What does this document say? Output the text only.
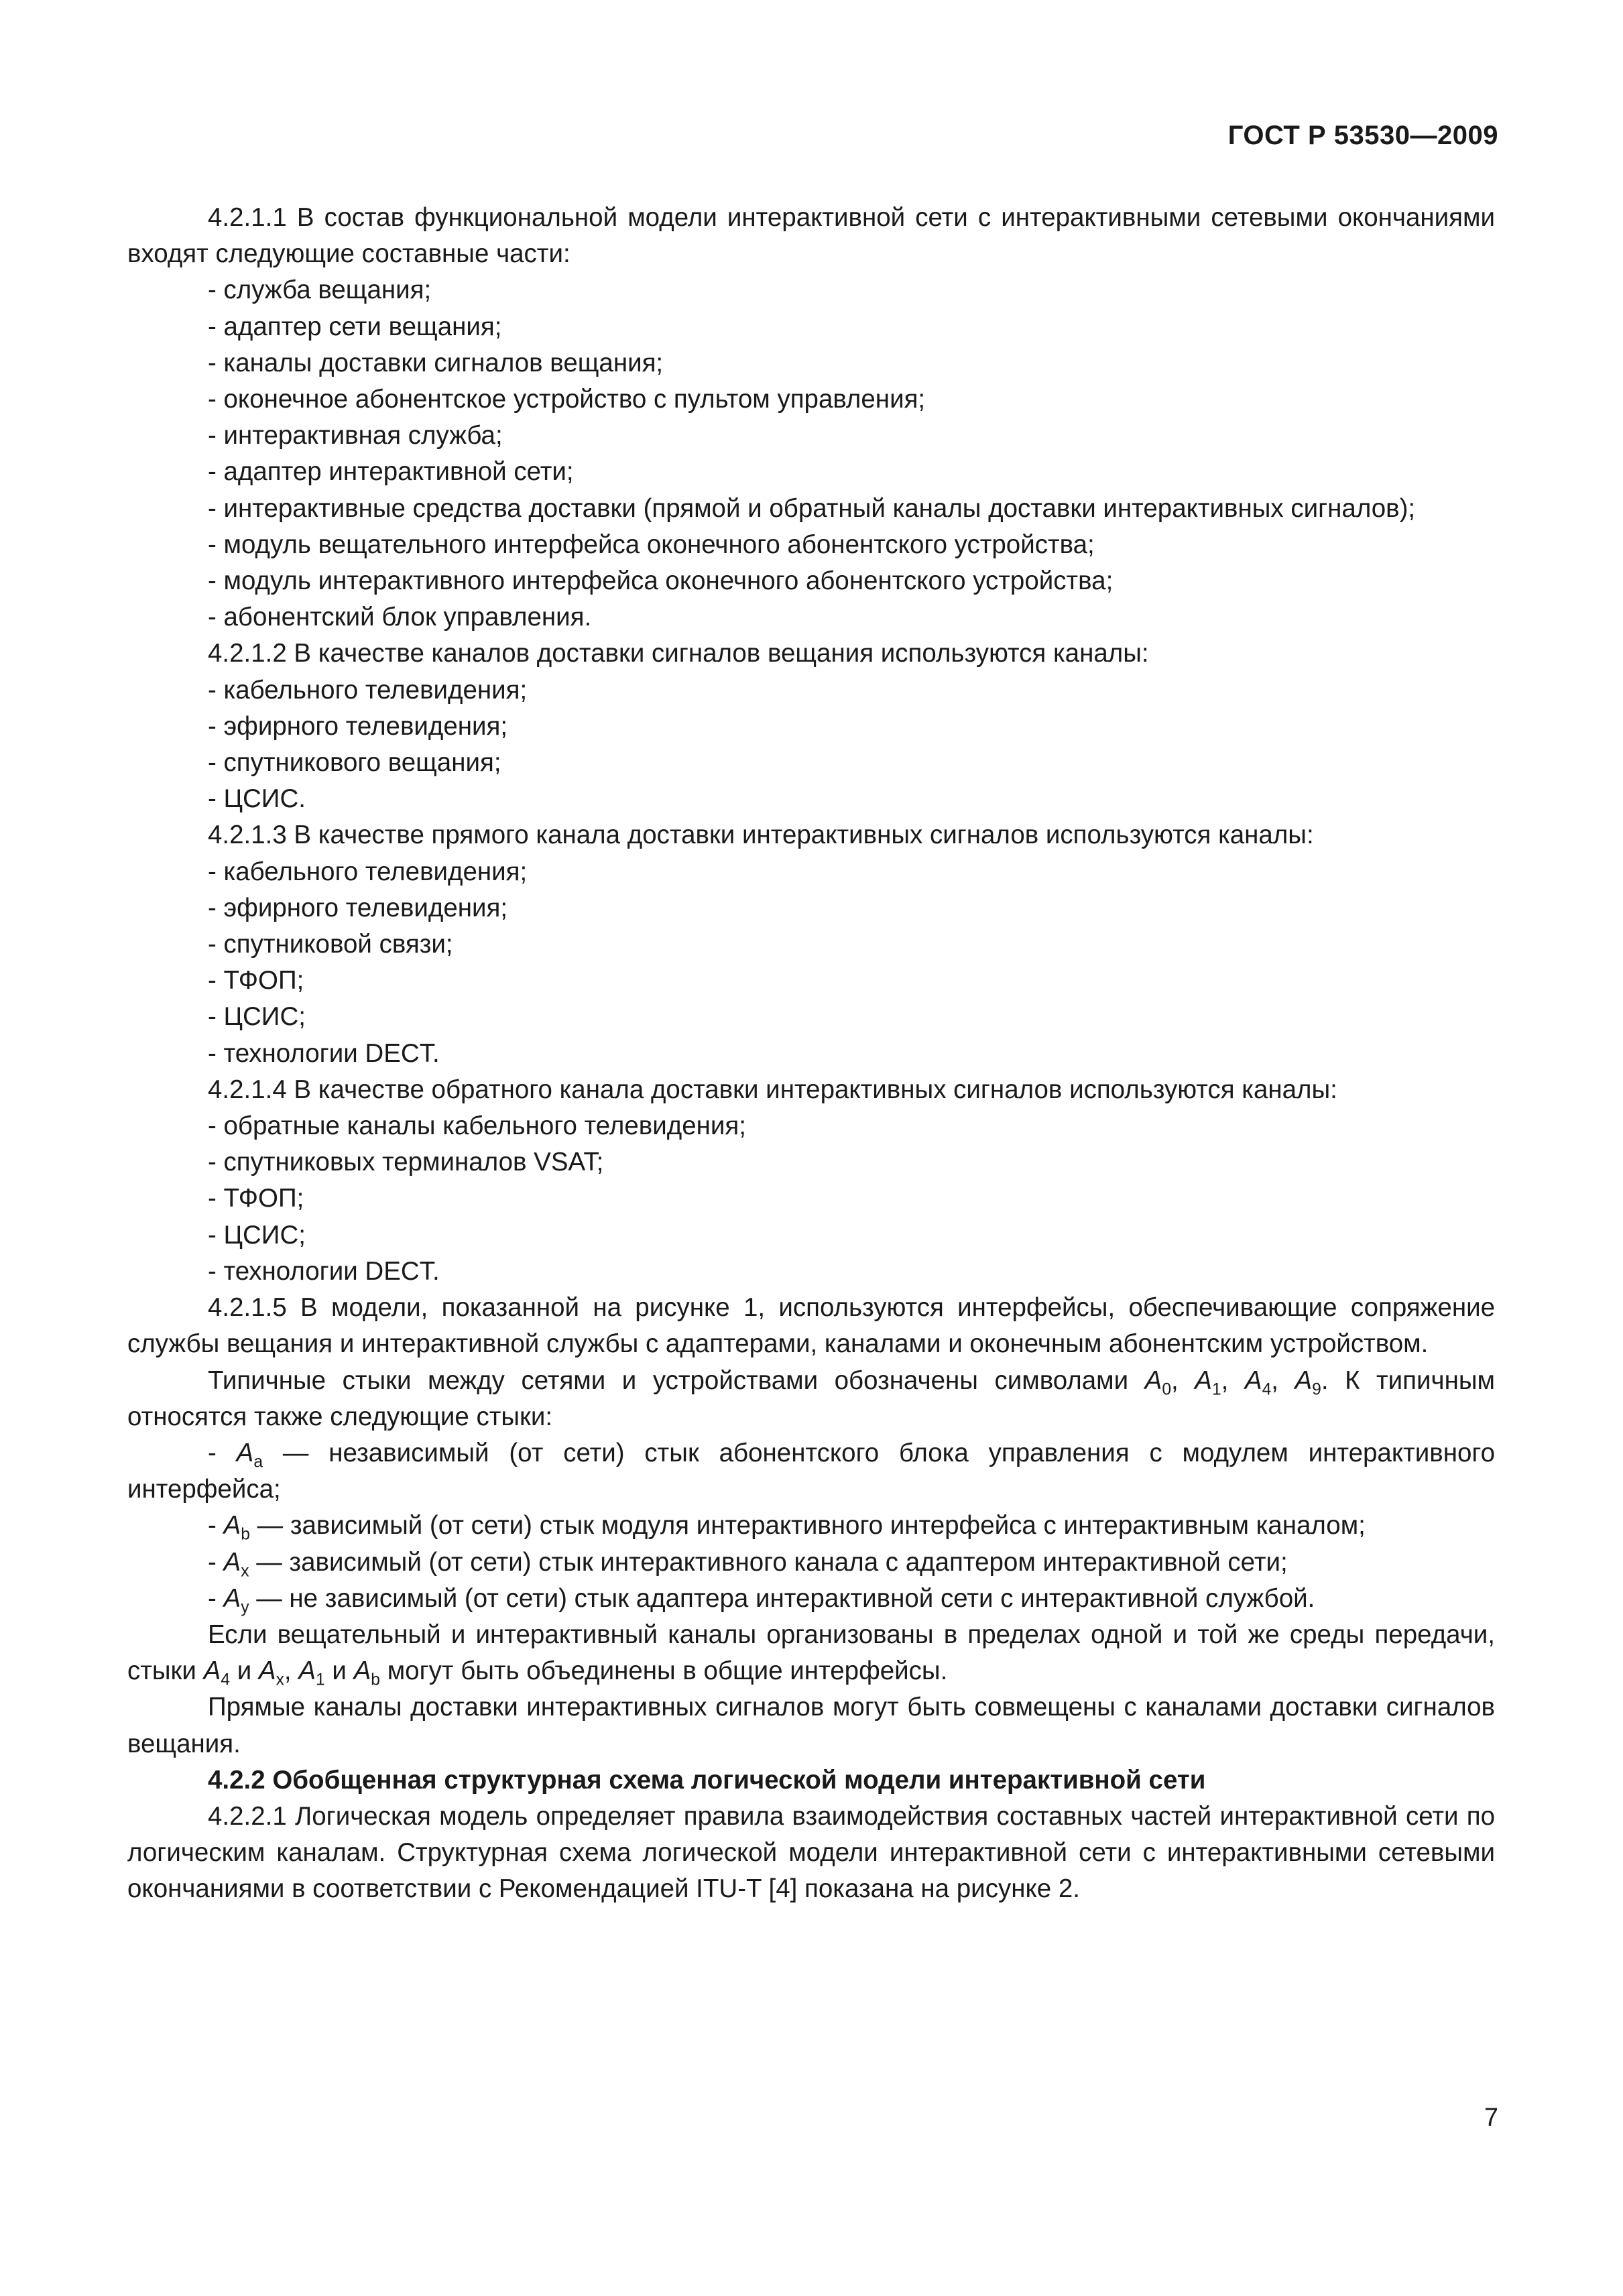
ГОСТ Р 53530—2009

4.2.1.1 В состав функциональной модели интерактивной сети с интерактивными сетевыми окончаниями входят следующие составные части:

- служба вещания;

- адаптер сети вещания;

- каналы доставки сигналов вещания;

- оконечное абонентское устройство с пультом управления;

- интерактивная служба;

- адаптер интерактивной сети;

- интерактивные средства доставки (прямой и обратный каналы доставки интерактивных сигналов);

- модуль вещательного интерфейса оконечного абонентского устройства;

- модуль интерактивного интерфейса оконечного абонентского устройства;

- абонентский блок управления.

4.2.1.2 В качестве каналов доставки сигналов вещания используются каналы:

- кабельного телевидения;

- эфирного телевидения;

- спутникового вещания;

- ЦСИС.

4.2.1.3 В качестве прямого канала доставки интерактивных сигналов используются каналы:

- кабельного телевидения;

- эфирного телевидения;

- спутниковой связи;

- ТФОП;

- ЦСИС;

- технологии DECT.

4.2.1.4 В качестве обратного канала доставки интерактивных сигналов используются каналы:

- обратные каналы кабельного телевидения;

- спутниковых терминалов VSAT;

- ТФОП;

- ЦСИС;

- технологии DECT.

4.2.1.5 В модели, показанной на рисунке 1, используются интерфейсы, обеспечивающие сопряжение службы вещания и интерактивной службы с адаптерами, каналами и оконечным абонентским устройством.

Типичные стыки между сетями и устройствами обозначены символами $A_0$, $A_1$, $A_4$, $A_9$. К типичным относятся также следующие стыки:

- $A_a$ — независимый (от сети) стык абонентского блока управления с модулем интерактивного интерфейса;

- $A_b$ — зависимый (от сети) стык модуля интерактивного интерфейса с интерактивным каналом;

- $A_x$ — зависимый (от сети) стык интерактивного канала с адаптером интерактивной сети;

- $A_y$ — не зависимый (от сети) стык адаптера интерактивной сети с интерактивной службой.

Если вещательный и интерактивный каналы организованы в пределах одной и той же среды передачи, стыки $A_4$ и $A_x$, $A_1$ и $A_b$ могут быть объединены в общие интерфейсы.

Прямые каналы доставки интерактивных сигналов могут быть совмещены с каналами доставки сигналов вещания.

4.2.2 Обобщенная структурная схема логической модели интерактивной сети

4.2.2.1 Логическая модель определяет правила взаимодействия составных частей интерактивной сети по логическим каналам. Структурная схема логической модели интерактивной сети с интерактивными сетевыми окончаниями в соответствии с Рекомендацией ITU-T [4] показана на рисунке 2.

7
